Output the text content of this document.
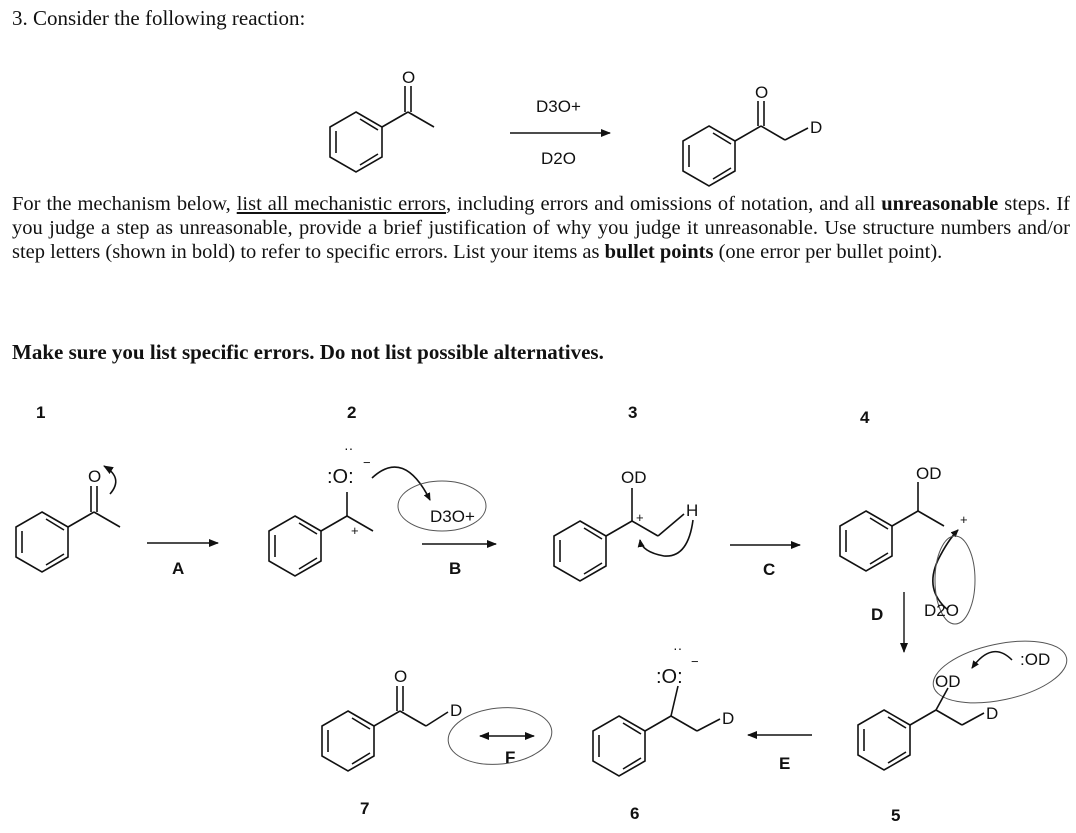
3. Consider the following reaction:
O
D3O+
D2O
O
D
1	2	3	4
5
6
7
O
A
:O:
··
−
+
D3O+
B
OD
H
+
C
OD
+
D2O
D
:OD
OD
D
E
:O:
··
−
D
O
D
F
For the mechanism below, list all mechanistic errors, including errors and omissions of notation, and all unreasonable steps. If you judge a step as unreasonable, provide a brief justification of why you judge it unreasonable. Use structure numbers and/or step letters (shown in bold) to refer to specific errors. List your items as bullet points (one error per bullet point).
Make sure you list specific errors. Do not list possible alternatives.
